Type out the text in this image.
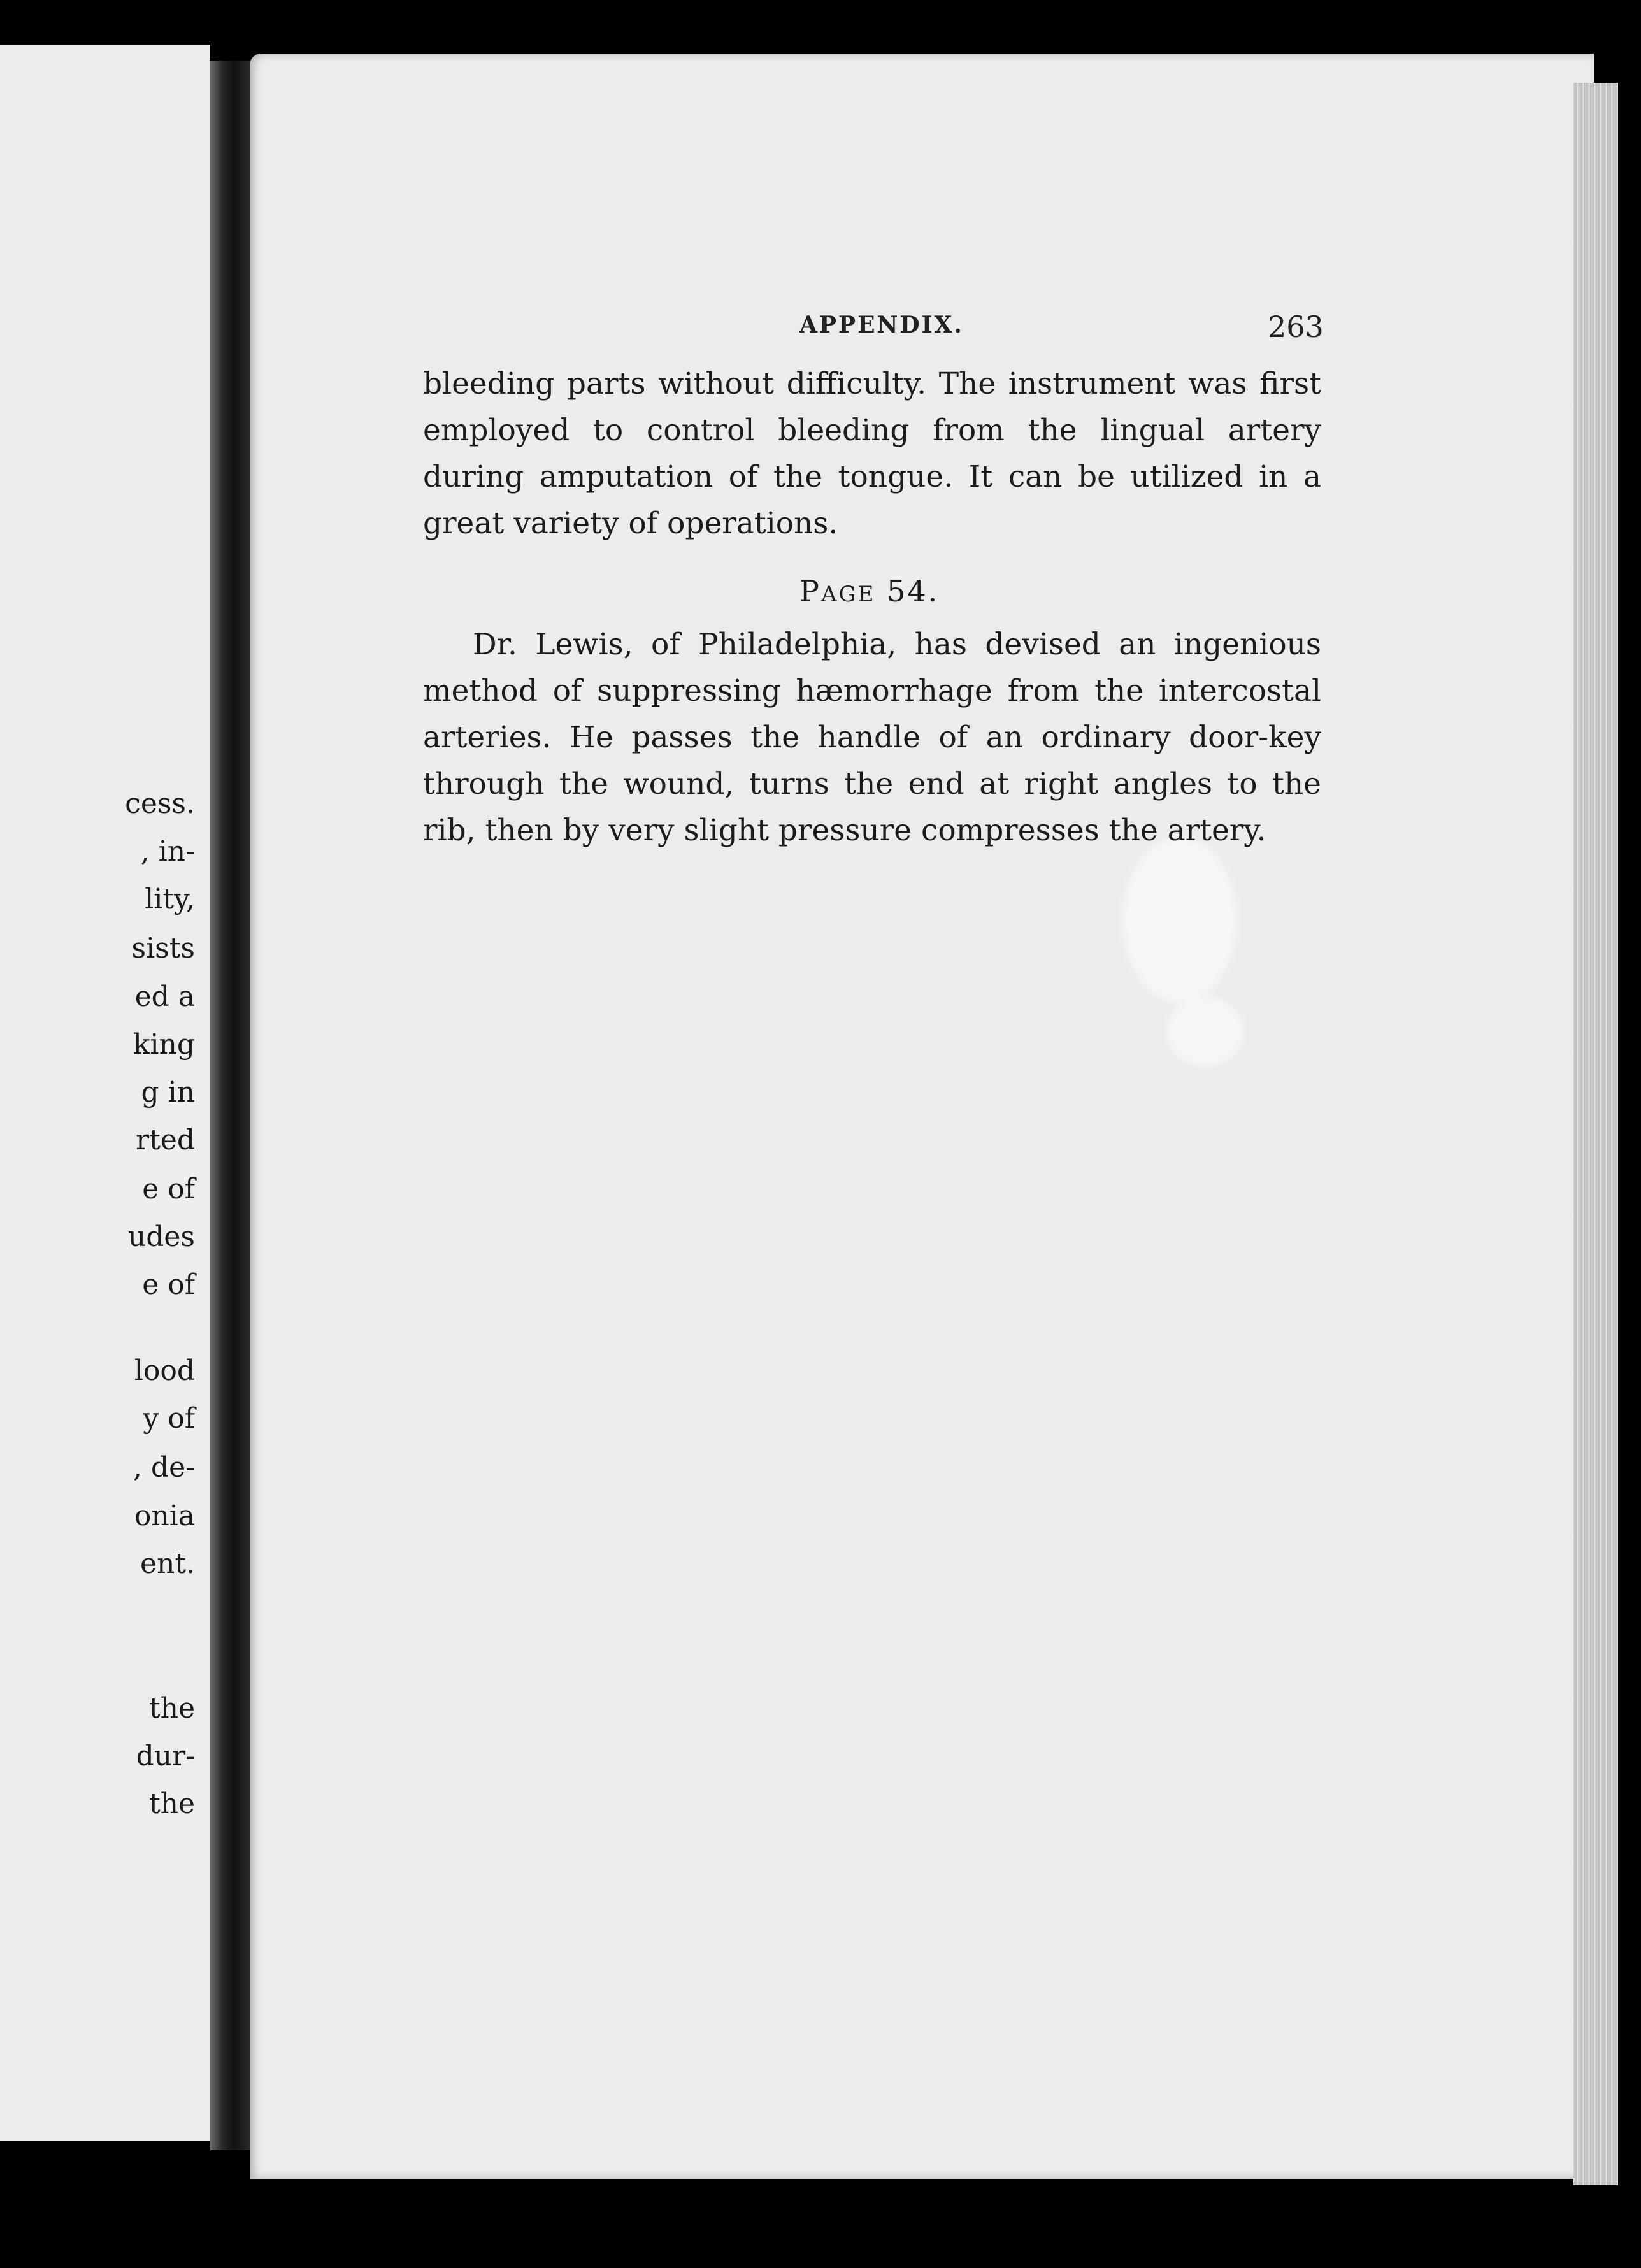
cess.
, in-
lity,
sists
ed a
king
g in
rted
e of
udes
e of
lood
y of
, de-
onia
ent.
the
dur-
the
APPENDIX.	263
bleeding parts without difficulty. The instrument was first employed to control bleeding from the lingual artery during amputation of the tongue. It can be utilized in a great variety of operations.
PAGE 54.
Dr. Lewis, of Philadelphia, has devised an ingenious method of suppressing hæmorrhage from the intercostal arteries. He passes the handle of an ordinary door-key through the wound, turns the end at right angles to the rib, then by very slight pressure compresses the artery.
